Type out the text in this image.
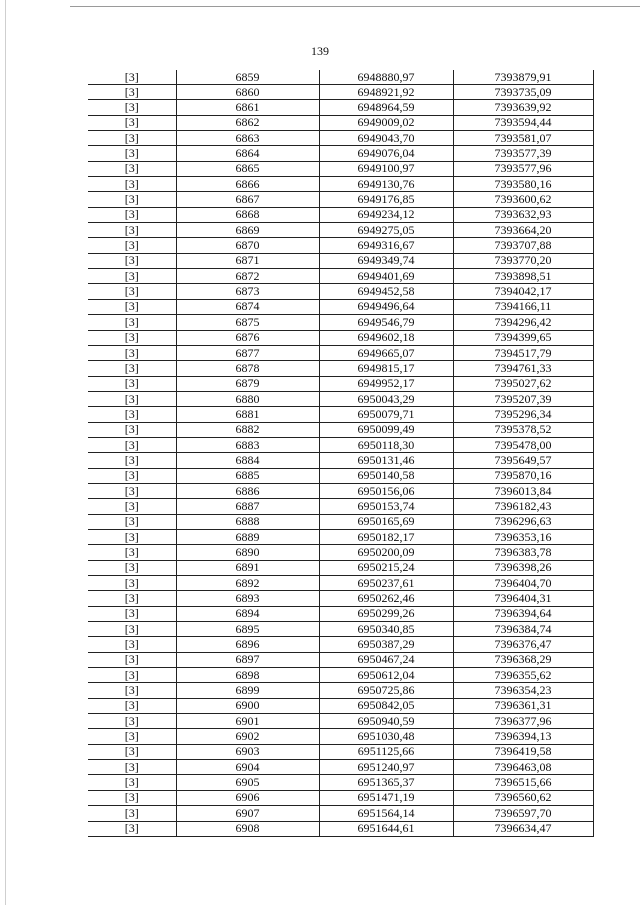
139
[3]	6859	6948880,97	7393879,91
[3]	6860	6948921,92	7393735,09
[3]	6861	6948964,59	7393639,92
[3]	6862	6949009,02	7393594,44
[3]	6863	6949043,70	7393581,07
[3]	6864	6949076,04	7393577,39
[3]	6865	6949100,97	7393577,96
[3]	6866	6949130,76	7393580,16
[3]	6867	6949176,85	7393600,62
[3]	6868	6949234,12	7393632,93
[3]	6869	6949275,05	7393664,20
[3]	6870	6949316,67	7393707,88
[3]	6871	6949349,74	7393770,20
[3]	6872	6949401,69	7393898,51
[3]	6873	6949452,58	7394042,17
[3]	6874	6949496,64	7394166,11
[3]	6875	6949546,79	7394296,42
[3]	6876	6949602,18	7394399,65
[3]	6877	6949665,07	7394517,79
[3]	6878	6949815,17	7394761,33
[3]	6879	6949952,17	7395027,62
[3]	6880	6950043,29	7395207,39
[3]	6881	6950079,71	7395296,34
[3]	6882	6950099,49	7395378,52
[3]	6883	6950118,30	7395478,00
[3]	6884	6950131,46	7395649,57
[3]	6885	6950140,58	7395870,16
[3]	6886	6950156,06	7396013,84
[3]	6887	6950153,74	7396182,43
[3]	6888	6950165,69	7396296,63
[3]	6889	6950182,17	7396353,16
[3]	6890	6950200,09	7396383,78
[3]	6891	6950215,24	7396398,26
[3]	6892	6950237,61	7396404,70
[3]	6893	6950262,46	7396404,31
[3]	6894	6950299,26	7396394,64
[3]	6895	6950340,85	7396384,74
[3]	6896	6950387,29	7396376,47
[3]	6897	6950467,24	7396368,29
[3]	6898	6950612,04	7396355,62
[3]	6899	6950725,86	7396354,23
[3]	6900	6950842,05	7396361,31
[3]	6901	6950940,59	7396377,96
[3]	6902	6951030,48	7396394,13
[3]	6903	6951125,66	7396419,58
[3]	6904	6951240,97	7396463,08
[3]	6905	6951365,37	7396515,66
[3]	6906	6951471,19	7396560,62
[3]	6907	6951564,14	7396597,70
[3]	6908	6951644,61	7396634,47
